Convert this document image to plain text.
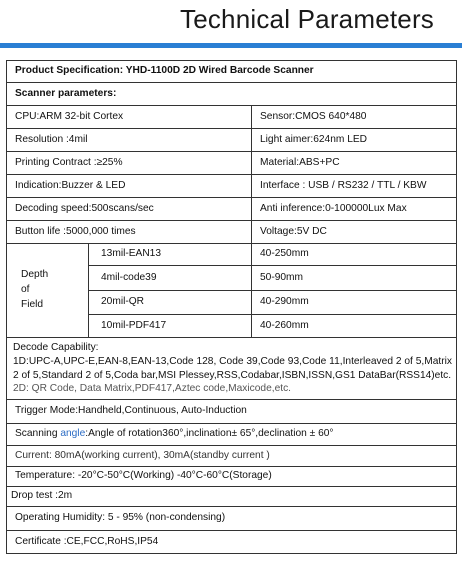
Technical Parameters
Product Specification: YHD-1100D 2D Wired Barcode Scanner		
Scanner parameters:		
CPU:ARM 32-bit Cortex		Sensor:CMOS 640*480
Resolution :4mil		Light aimer:624nm LED
Printing Contract :≥25%		Material:ABS+PC
Indication:Buzzer & LED		Interface : USB / RS232 / TTL / KBW
Decoding speed:500scans/sec		Anti inference:0-100000Lux Max
Button life :5000,000 times		Voltage:5V DC

Depth
of
Field	13mil-EAN13	40-250mm
	4mil-code39	50-90mm
	20mil-QR	40-290mm
	10mil-PDF417	40-260mm

Decode Capability:
1D:UPC-A,UPC-E,EAN-8,EAN-13,Code 128, Code 39,Code 93,Code 11,Interleaved 2 of 5,Matrix 2 of 5,Standard 2 of 5,Coda bar,MSI Plessey,RSS,Codabar,ISBN,ISSN,GS1 DataBar(RSS14)etc.
2D: QR Code, Data Matrix,PDF417,Aztec code,Maxicode,etc.		

Trigger Mode:Handheld,Continuous, Auto-Induction		
Scanning angle:Angle of rotation360°,inclination± 65°,declination ± 60°		
Current: 80mA(working current), 30mA(standby current )		
Temperature: -20°C-50°C(Working) -40°C-60°C(Storage)		
Drop test :2m		
Operating Humidity: 5 - 95% (non-condensing)		
Certificate :CE,FCC,RoHS,IP54		
